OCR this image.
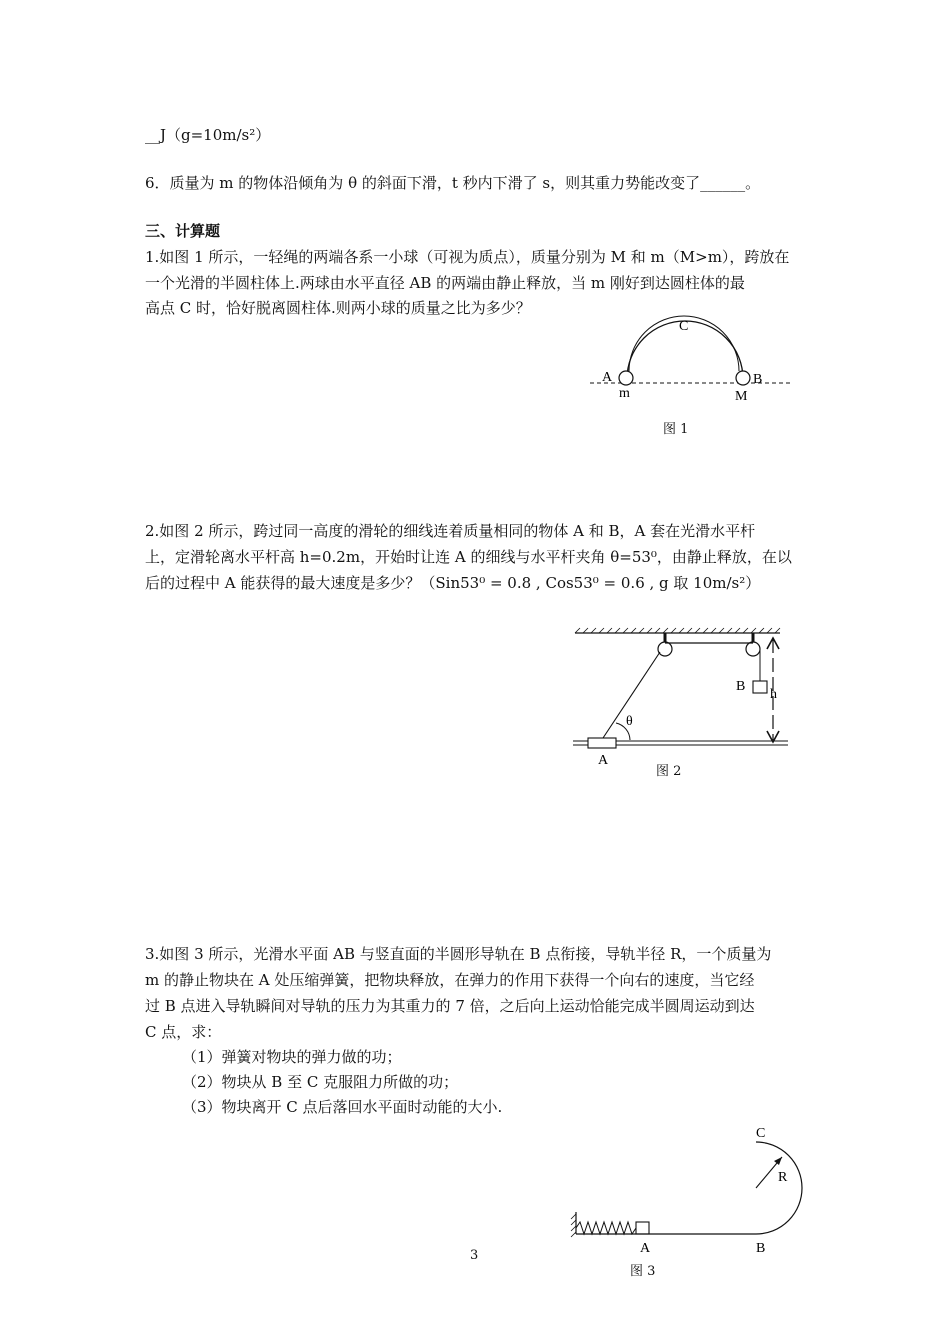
__J（g=10m/s²）
6．质量为 m 的物体沿倾角为 θ 的斜面下滑，t 秒内下滑了 s，则其重力势能改变了______。
三、计算题
1.如图 1 所示，一轻绳的两端各系一小球（可视为质点），质量分别为 M 和 m（M>m），跨放在
一个光滑的半圆柱体上.两球由水平直径 AB 的两端由静止释放，当 m 刚好到达圆柱体的最
高点 C 时，恰好脱离圆柱体.则两小球的质量之比为多少？
C
A	B
m	M
图 1
2.如图 2 所示，跨过同一高度的滑轮的细线连着质量相同的物体 A 和 B，A 套在光滑水平杆
上，定滑轮离水平杆高 h=0.2m，开始时让连 A 的细线与水平杆夹角 θ=53⁰，由静止释放，在以
后的过程中 A 能获得的最大速度是多少？（Sin53⁰ = 0.8 , Cos53⁰ = 0.6 , g 取 10m/s²）
B
h
θ
A
图 2
3.如图 3 所示，光滑水平面 AB 与竖直面的半圆形导轨在 B 点衔接，导轨半径 R，一个质量为
m 的静止物块在 A 处压缩弹簧，把物块释放，在弹力的作用下获得一个向右的速度，当它经
过 B 点进入导轨瞬间对导轨的压力为其重力的 7 倍，之后向上运动恰能完成半圆周运动到达
C 点，求：
（1）弹簧对物块的弹力做的功；
（2）物块从 B 至 C 克服阻力所做的功；
（3）物块离开 C 点后落回水平面时动能的大小.
C
R
A	B
图 3
3
